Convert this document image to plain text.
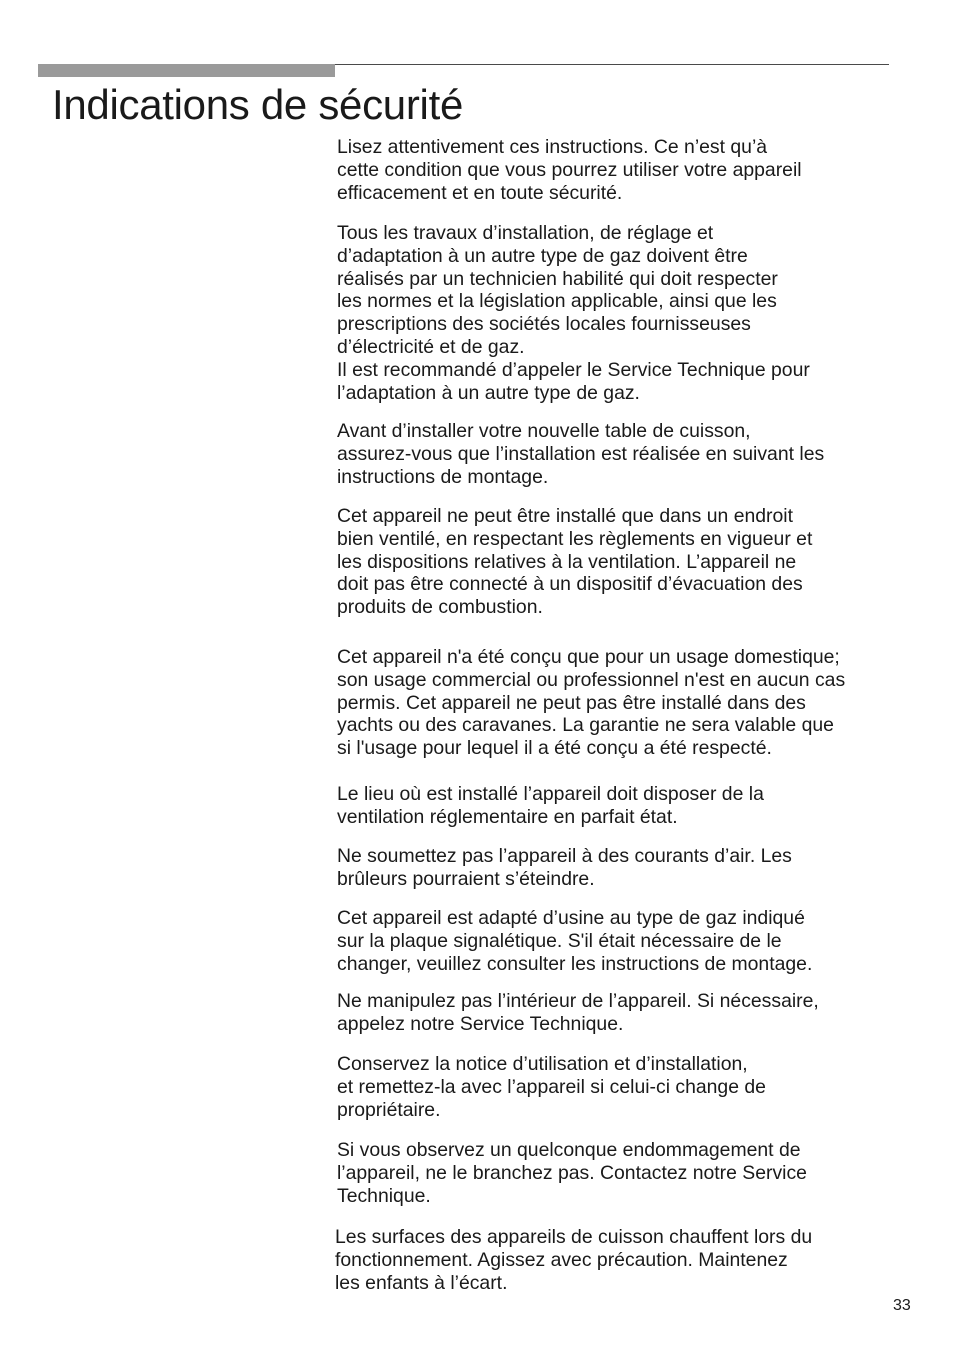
Indications de sécurité

Lisez attentivement ces instructions. Ce n’est qu’à
cette condition que vous pourrez utiliser votre appareil
efficacement et en toute sécurité.

Tous les travaux d’installation, de réglage et
d’adaptation à un autre type de gaz doivent être
réalisés par un technicien habilité qui doit respecter
les normes et la législation applicable, ainsi que les
prescriptions des sociétés locales fournisseuses
d’électricité et de gaz.
Il est recommandé d’appeler le Service Technique pour
l’adaptation à un autre type de gaz.

Avant d’installer votre nouvelle table de cuisson,
assurez-vous que l’installation est réalisée en suivant les
instructions de montage.

Cet appareil ne peut être installé que dans un endroit
bien ventilé, en respectant les règlements en vigueur et
les dispositions relatives à la ventilation. L’appareil ne
doit pas être connecté à un dispositif d’évacuation des
produits de combustion.

Cet appareil n'a été conçu que pour un usage domestique;
son usage commercial ou professionnel n'est en aucun cas
permis. Cet appareil ne peut pas être installé dans des
yachts ou des caravanes. La garantie ne sera valable que
si l'usage pour lequel il a été conçu a été respecté.

Le lieu où est installé l’appareil doit disposer de la
ventilation réglementaire en parfait état.

Ne soumettez pas l’appareil à des courants d’air. Les
brûleurs pourraient s’éteindre.

Cet appareil est adapté d’usine au type de gaz indiqué
sur la plaque signalétique. S'il était nécessaire de le
changer, veuillez consulter les instructions de montage.

Ne manipulez pas l’intérieur de l’appareil. Si nécessaire,
appelez notre Service Technique.

Conservez la notice d’utilisation et d’installation,
et remettez-la avec l’appareil si celui-ci change de
propriétaire.

Si vous observez un quelconque endommagement de
l’appareil, ne le branchez pas. Contactez notre Service
Technique.

Les surfaces des appareils de cuisson chauffent lors du
fonctionnement. Agissez avec précaution. Maintenez
les enfants à l’écart.

33
